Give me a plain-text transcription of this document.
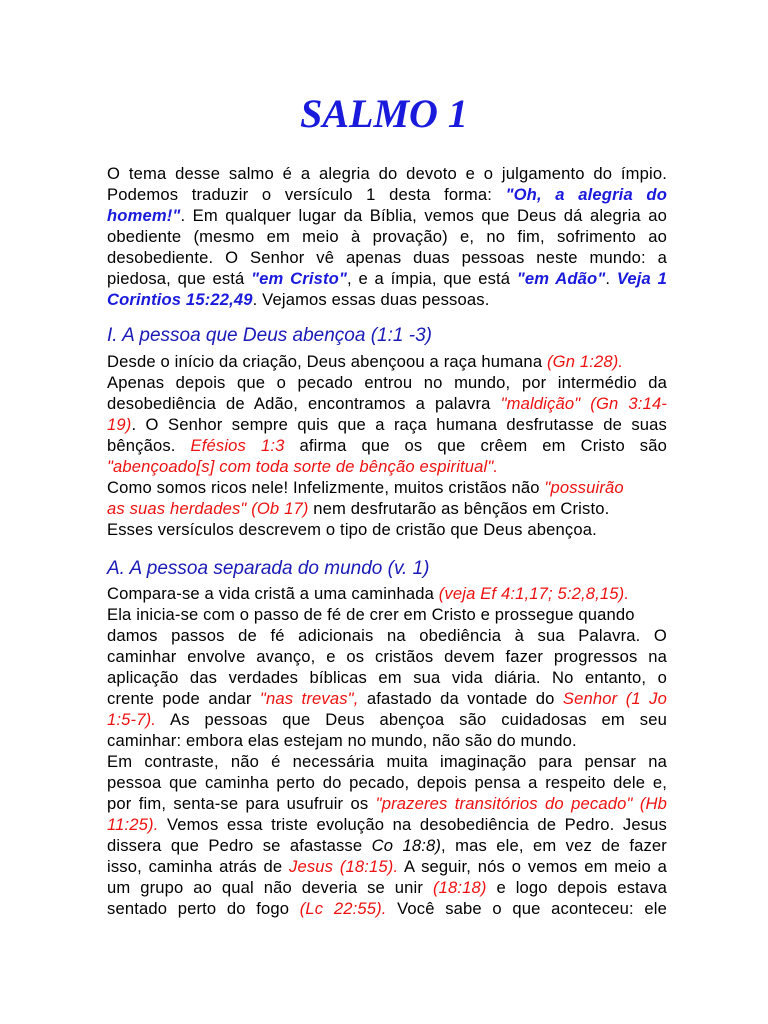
SALMO 1
O tema desse salmo é a alegria do devoto e o julgamento do ímpio.
Podemos traduzir o versículo 1 desta forma: "Oh, a alegria do
homem!". Em qualquer lugar da Bíblia, vemos que Deus dá alegria ao
obediente (mesmo em meio à provação) e, no fim, sofrimento ao
desobediente. O Senhor vê apenas duas pessoas neste mundo: a
piedosa, que está "em Cristo", e a ímpia, que está "em Adão". Veja 1
Corintios 15:22,49. Vejamos essas duas pessoas.
I. A pessoa que Deus abençoa (1:1 -3)
Desde o início da criação, Deus abençoou a raça humana (Gn 1:28).
Apenas depois que o pecado entrou no mundo, por intermédio da
desobediência de Adão, encontramos a palavra "maldição" (Gn 3:14-
19). O Senhor sempre quis que a raça humana desfrutasse de suas
bênçãos. Efésios 1:3 afirma que os que crêem em Cristo são
"abençoado[s] com toda sorte de bênção espiritual".
Como somos ricos nele! Infelizmente, muitos cristãos não "possuirão
as suas herdades" (Ob 17) nem desfrutarão as bênçãos em Cristo.
Esses versículos descrevem o tipo de cristão que Deus abençoa.
A. A pessoa separada do mundo (v. 1)
Compara-se a vida cristã a uma caminhada (veja Ef 4:1,17; 5:2,8,15).
Ela inicia-se com o passo de fé de crer em Cristo e prossegue quando
damos passos de fé adicionais na obediência à sua Palavra. O
caminhar envolve avanço, e os cristãos devem fazer progressos na
aplicação das verdades bíblicas em sua vida diária. No entanto, o
crente pode andar "nas trevas", afastado da vontade do Senhor (1 Jo
1:5-7). As pessoas que Deus abençoa são cuidadosas em seu
caminhar: embora elas estejam no mundo, não são do mundo.
Em contraste, não é necessária muita imaginação para pensar na
pessoa que caminha perto do pecado, depois pensa a respeito dele e,
por fim, senta-se para usufruir os "prazeres transitórios do pecado" (Hb
11:25). Vemos essa triste evolução na desobediência de Pedro. Jesus
dissera que Pedro se afastasse Co 18:8), mas ele, em vez de fazer
isso, caminha atrás de Jesus (18:15). A seguir, nós o vemos em meio a
um grupo ao qual não deveria se unir (18:18) e logo depois estava
sentado perto do fogo (Lc 22:55). Você sabe o que aconteceu: ele
